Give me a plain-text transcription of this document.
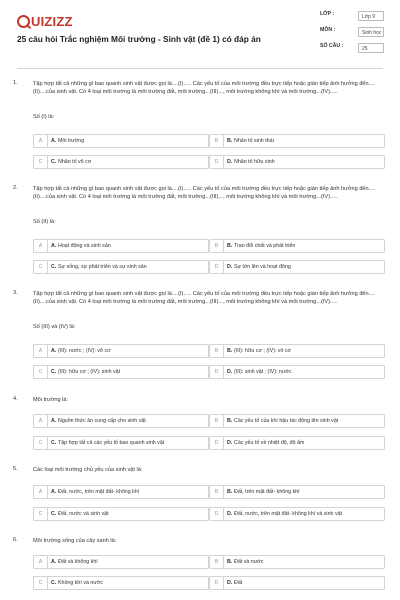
UIZIZZ
25 câu hỏi Trắc nghiệm Môi trường - Sinh vật (đề 1) có đáp án
LỚP :	Lớp 9
MÔN :	Sinh học
SỐ CÂU :	25
1.	Tập hợp tất cả những gì bao quanh sinh vật được gọi là....(I)..... Các yếu tố của môi trường đều trực tiếp hoặc gián tiếp ảnh hưởng đến....(II)....của sinh vật. Có 4 loại môi trường là môi trường đất, môi trường...(III)..., môi trường không khí và môi trường...(IV).....
Số (I) là:
A	A. Môi trường	B	B. Nhân tố sinh thái
C	C. Nhân tố vô cơ	D	D. Nhân tố hữu sinh
2.	Tập hợp tất cả những gì bao quanh sinh vật được gọi là....(I)..... Các yếu tố của môi trường đều trực tiếp hoặc gián tiếp ảnh hưởng đến....(II)....của sinh vật. Có 4 loại môi trường là môi trường đất, môi trường...(III)..., môi trường không khí và môi trường...(IV).....
Số (II) là:
A	A. Hoạt động và sinh sản	B	B. Trao đổi chất và phát triển
C	C. Sự sống, sự phát triển và sự sinh sản	D	D. Sự lớn lên và hoạt động
3.	Tập hợp tất cả những gì bao quanh sinh vật được gọi là....(I)..... Các yếu tố của môi trường đều trực tiếp hoặc gián tiếp ảnh hưởng đến....(II)....của sinh vật. Có 4 loại môi trường là môi trường đất, môi trường...(III)..., môi trường không khí và môi trường...(IV).....
Số (III) và (IV) là:
A	A. (III): nước ; (IV): vô cơ	B	B. (III): hữu cơ ; (IV): vô cơ
C	C. (III): hữu cơ ; (IV): sinh vật	D	D. (III): sinh vật ; (IV): nước
4.	Môi trường là:
A	A. Nguồn thức ăn cung cấp cho sinh vật	B	B. Các yếu tố của khí hậu tác động lên sinh vật
C	C. Tập hợp tất cả các yếu tố bao quanh sinh vật	D	D. Các yếu tố về nhiệt độ, độ ẩm
5.	Các loại môi trường chủ yếu của sinh vật là:
A	A. Đất, nước, trên mặt đất- không khí	B	B. Đất, trên mặt đất- không khí
C	C. Đất, nước và sinh vật	D	D. Đất, nước, trên mặt đất- không khí và sinh vật
6.	Môi trường sống của cây xanh là:
A	A. Đất và không khí	B	B. Đất và nước
C	C. Không khí và nước	D	D. Đất
